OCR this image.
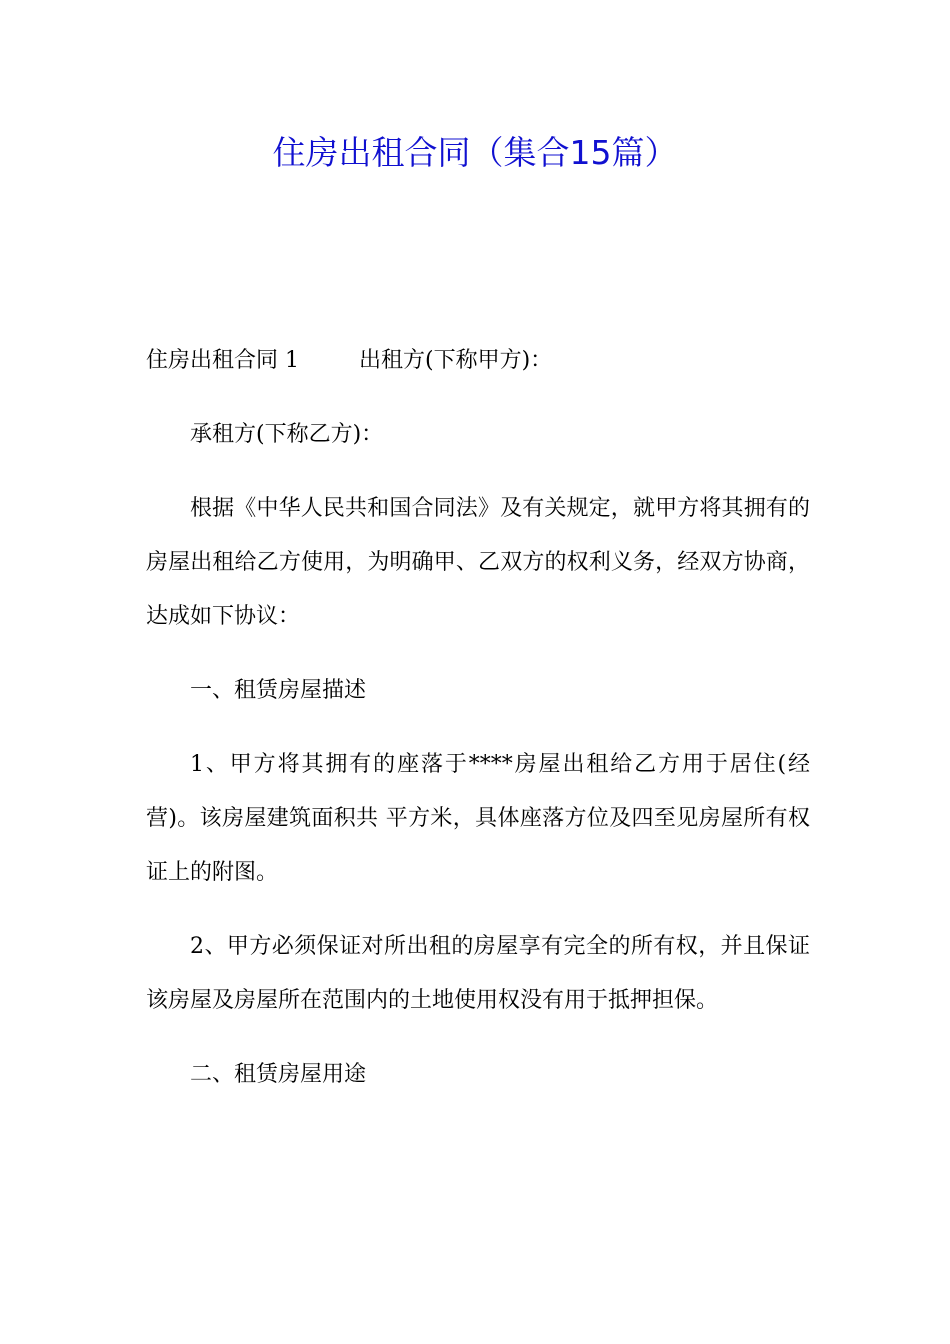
住房出租合同（集合15篇）

住房出租合同 1	出租方(下称甲方)：

承租方(下称乙方)：

根据《中华人民共和国合同法》及有关规定，就甲方将其拥有的房屋出租给乙方使用，为明确甲、乙双方的权利义务，经双方协商，达成如下协议：

一、租赁房屋描述

1、甲方将其拥有的座落于****房屋出租给乙方用于居住(经营)。该房屋建筑面积共 平方米，具体座落方位及四至见房屋所有权证上的附图。

2、甲方必须保证对所出租的房屋享有完全的所有权，并且保证该房屋及房屋所在范围内的土地使用权没有用于抵押担保。

二、租赁房屋用途
